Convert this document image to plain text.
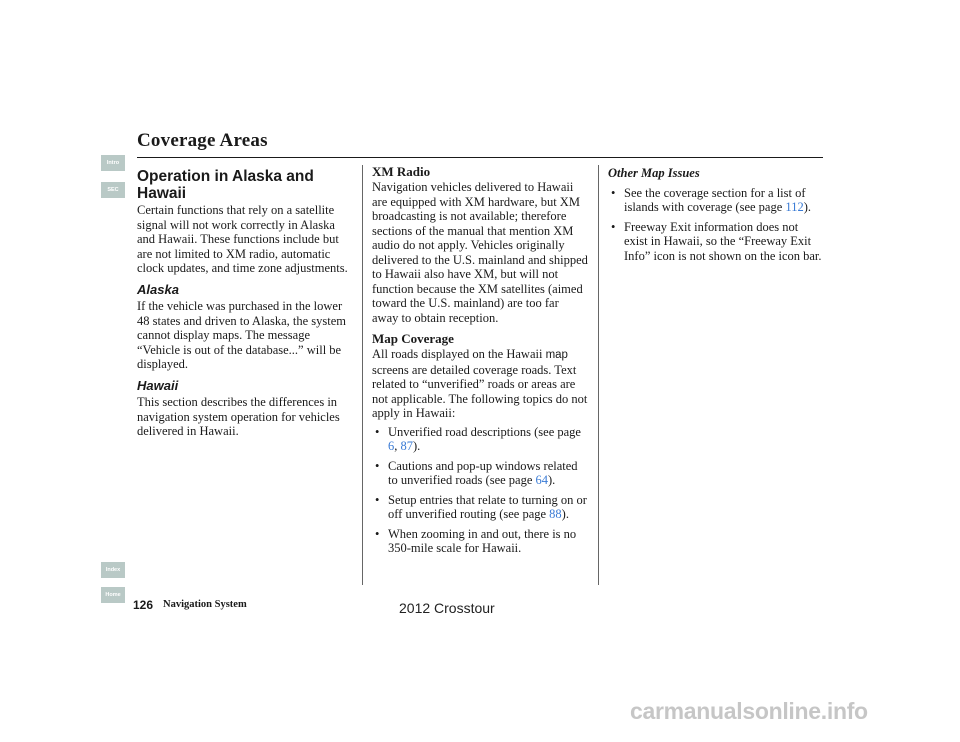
Coverage Areas
Intro
SEC
Index
Home
Operation in Alaska and Hawaii

Certain functions that rely on a satellite signal will not work correctly in Alaska and Hawaii. These functions include but are not limited to XM radio, automatic clock updates, and time zone adjustments.

Alaska

If the vehicle was purchased in the lower 48 states and driven to Alaska, the system cannot display maps. The message “Vehicle is out of the database...” will be displayed.

Hawaii

This section describes the differences in navigation system operation for vehicles delivered in Hawaii.

XM Radio

Navigation vehicles delivered to Hawaii are equipped with XM hardware, but XM broadcasting is not available; therefore sections of the manual that mention XM audio do not apply. Vehicles originally delivered to the U.S. mainland and shipped to Hawaii also have XM, but will not function because the XM satellites (aimed toward the U.S. mainland) are too far away to obtain reception.

Map Coverage

All roads displayed on the Hawaii map screens are detailed coverage roads. Text related to “unverified” roads or areas are not applicable. The following topics do not apply in Hawaii:

• Unverified road descriptions (see page 6, 87).
• Cautions and pop-up windows related to unverified roads (see page 64).
• Setup entries that relate to turning on or off unverified routing (see page 88).
• When zooming in and out, there is no 350-mile scale for Hawaii.
Other Map Issues
• See the coverage section for a list of islands with coverage (see page 112).
• Freeway Exit information does not exist in Hawaii, so the “Freeway Exit Info” icon is not shown on the icon bar.
126 Navigation System	2012 Crosstour
carmanualsonline.info
